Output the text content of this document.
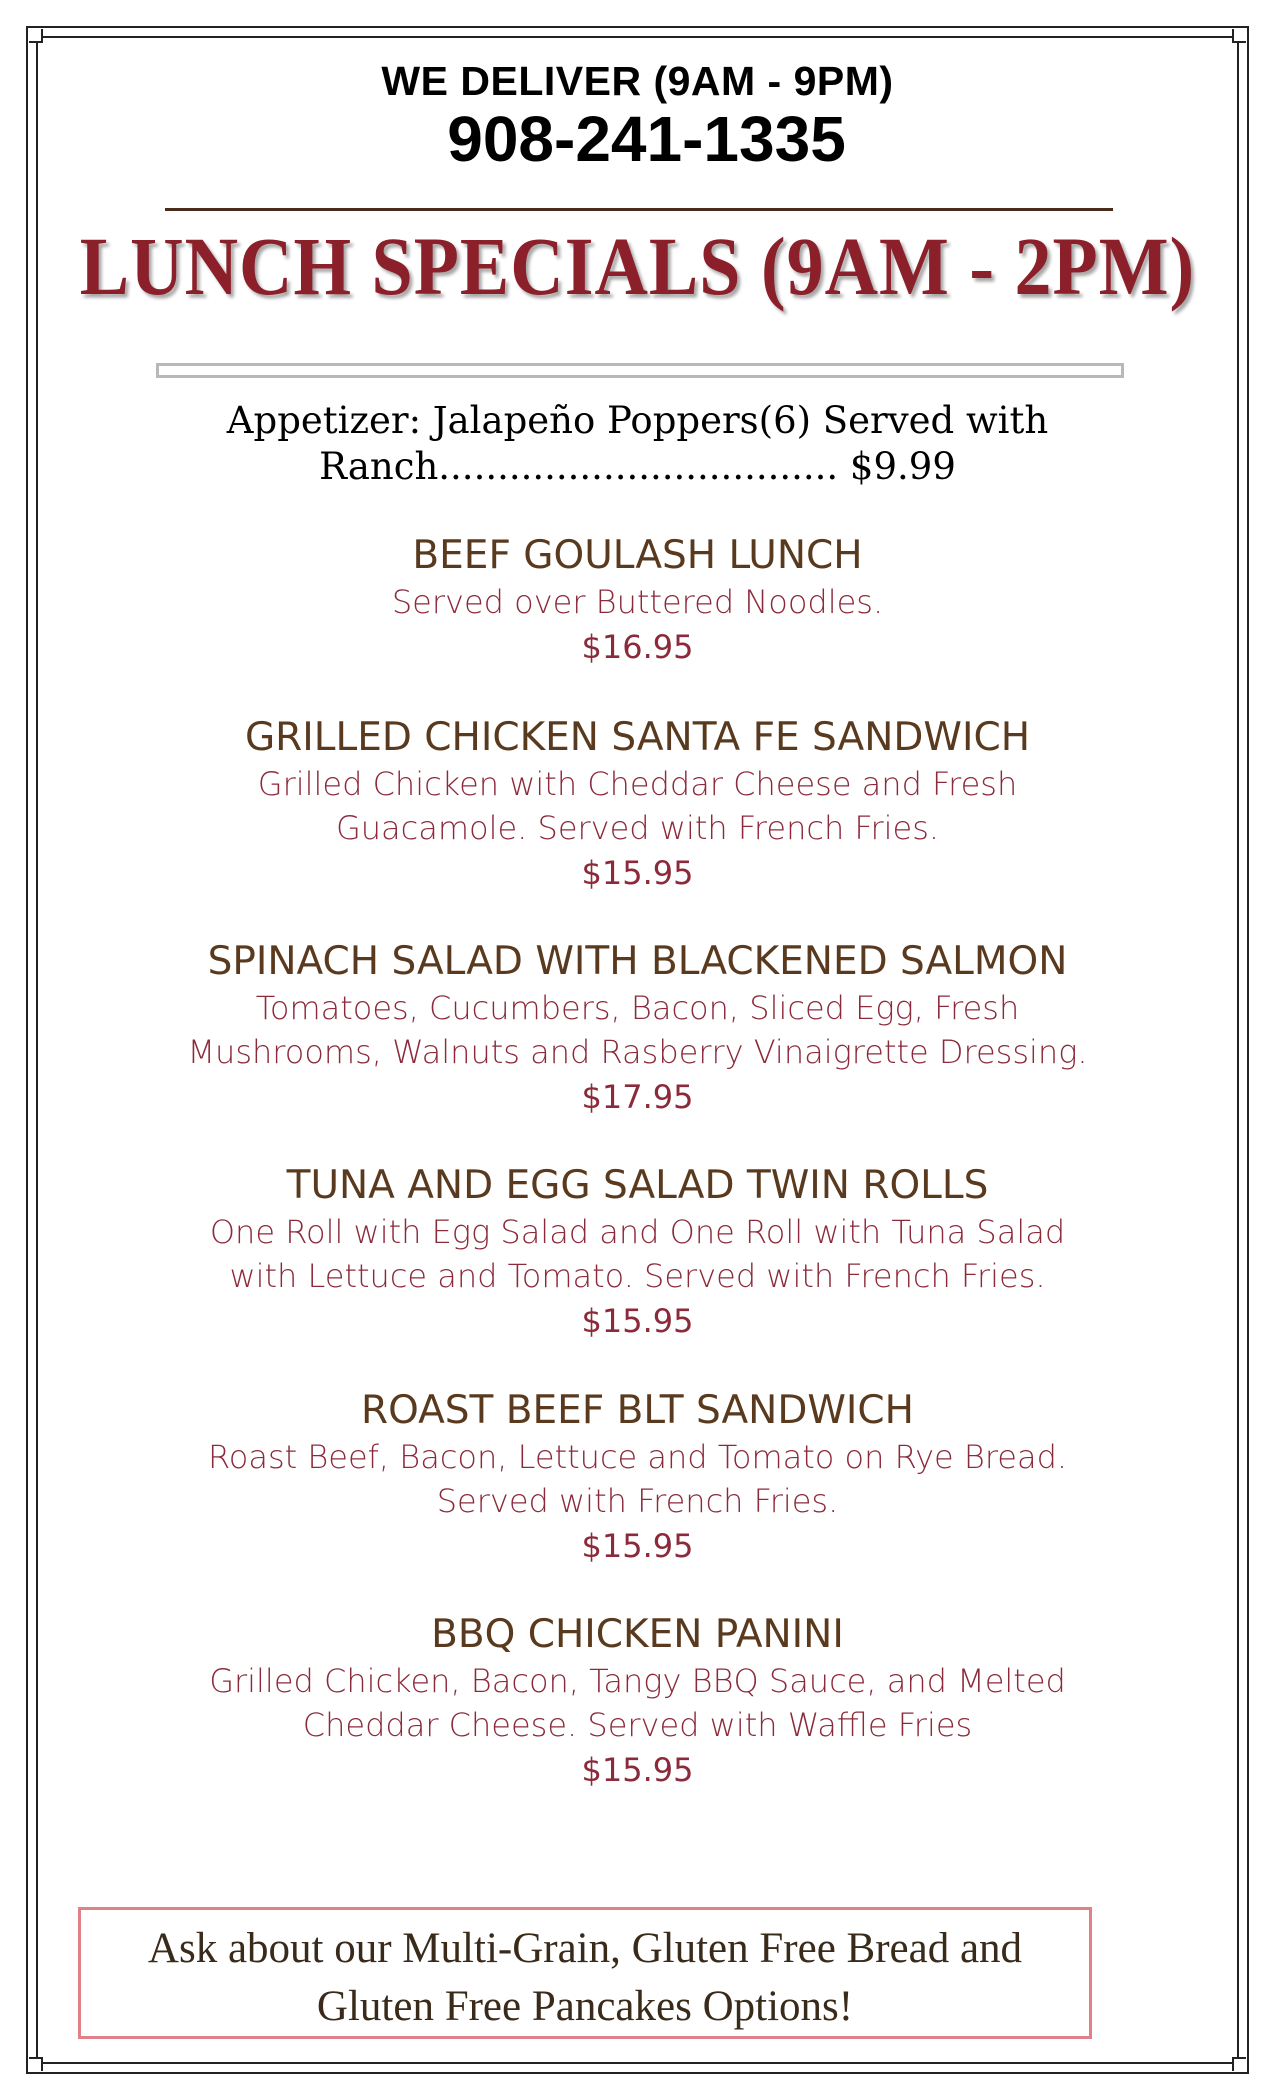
WE DELIVER (9AM - 9PM)
908-241-1335
LUNCH SPECIALS (9AM - 2PM)
Appetizer: Jalapeño Poppers(6) Served with
Ranch.................................. $9.99
BEEF GOULASH LUNCH
Served over Buttered Noodles.
$16.95
GRILLED CHICKEN SANTA FE SANDWICH
Grilled Chicken with Cheddar Cheese and Fresh
Guacamole. Served with French Fries.
$15.95
SPINACH SALAD WITH BLACKENED SALMON
Tomatoes, Cucumbers, Bacon, Sliced Egg, Fresh
Mushrooms, Walnuts and Rasberry Vinaigrette Dressing.
$17.95
TUNA AND EGG SALAD TWIN ROLLS
One Roll with Egg Salad and One Roll with Tuna Salad
with Lettuce and Tomato. Served with French Fries.
$15.95
ROAST BEEF BLT SANDWICH
Roast Beef, Bacon, Lettuce and Tomato on Rye Bread.
Served with French Fries.
$15.95
BBQ CHICKEN PANINI
Grilled Chicken, Bacon, Tangy BBQ Sauce, and Melted
Cheddar Cheese. Served with Waffle Fries
$15.95
Ask about our Multi-Grain, Gluten Free Bread and
Gluten Free Pancakes Options!
